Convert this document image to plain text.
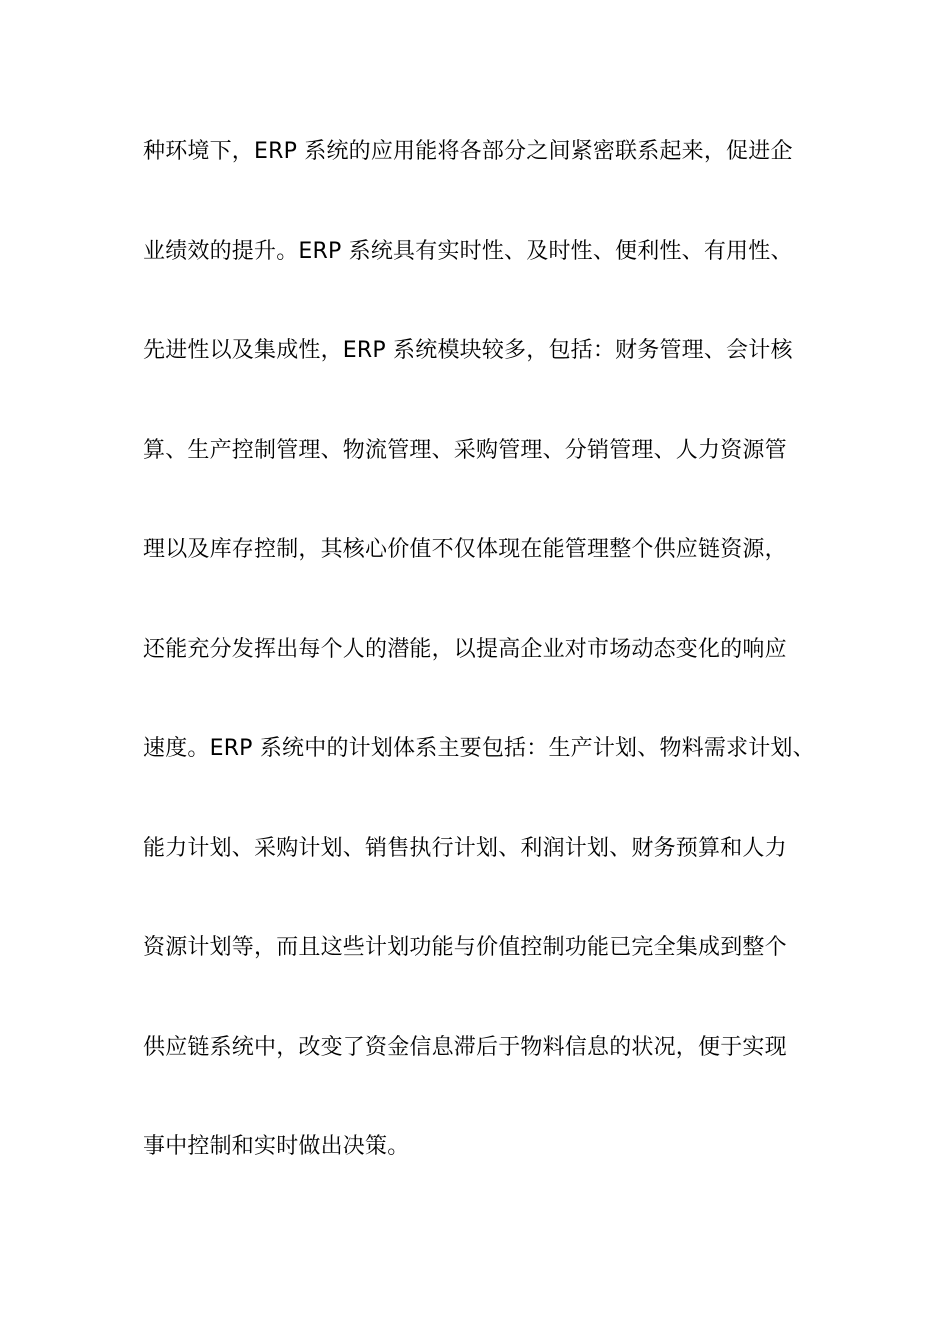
种环境下，ERP 系统的应用能将各部分之间紧密联系起来，促进企
业绩效的提升。ERP 系统具有实时性、及时性、便利性、有用性、
先进性以及集成性，ERP 系统模块较多，包括：财务管理、会计核
算、生产控制管理、物流管理、采购管理、分销管理、人力资源管
理以及库存控制，其核心价值不仅体现在能管理整个供应链资源，
还能充分发挥出每个人的潜能，以提高企业对市场动态变化的响应
速度。ERP 系统中的计划体系主要包括：生产计划、物料需求计划、
能力计划、采购计划、销售执行计划、利润计划、财务预算和人力
资源计划等，而且这些计划功能与价值控制功能已完全集成到整个
供应链系统中，改变了资金信息滞后于物料信息的状况，便于实现
事中控制和实时做出决策。
